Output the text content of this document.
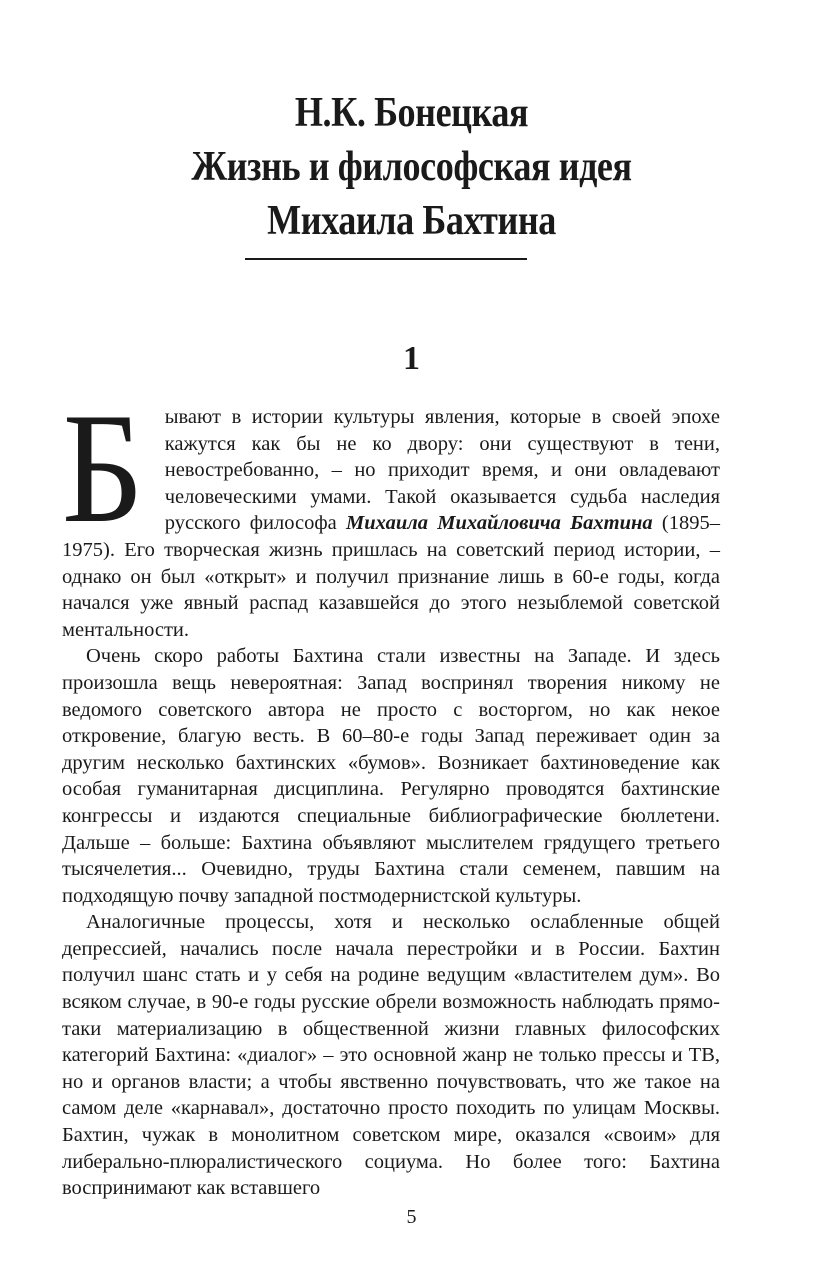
Н.К. Бонецкая
Жизнь и философская идея
Михаила Бахтина
1

Б ывают в истории культуры явления, которые в своей эпохе кажутся как бы не ко двору: они существуют в тени, невостребованно, – но приходит время, и они овладевают человеческими умами. Такой оказывается судьба наследия русского философа Михаила Михайловича Бахтина (1895–1975). Его творческая жизнь пришлась на советский период истории, – однако он был «открыт» и получил признание лишь в 60-е годы, когда начался уже явный распад казавшейся до этого незыблемой советской ментальности.

Очень скоро работы Бахтина стали известны на Западе. И здесь произошла вещь невероятная: Запад воспринял творения никому не ведомого советского автора не просто с восторгом, но как некое откровение, благую весть. В 60–80-е годы Запад переживает один за другим несколько бахтинских «бумов». Возникает бахтиноведение как особая гуманитарная дисциплина. Регулярно проводятся бахтинские конгрессы и издаются специальные библиографические бюллетени. Дальше – больше: Бахтина объявляют мыслителем грядущего третьего тысячелетия... Очевидно, труды Бахтина стали семенем, павшим на подходящую почву западной постмодернистской культуры.

Аналогичные процессы, хотя и несколько ослабленные общей депрессией, начались после начала перестройки и в России. Бахтин получил шанс стать и у себя на родине ведущим «властителем дум». Во всяком случае, в 90-е годы русские обрели возможность наблюдать прямо-таки материализацию в общественной жизни главных философских категорий Бахтина: «диалог» – это основной жанр не только прессы и ТВ, но и органов власти; а чтобы явственно почувствовать, что же такое на самом деле «карнавал», достаточно просто походить по улицам Москвы. Бахтин, чужак в монолитном советском мире, оказался «своим» для либерально-плюралистического социума. Но более того: Бахтина воспринимают как вставшего

5
